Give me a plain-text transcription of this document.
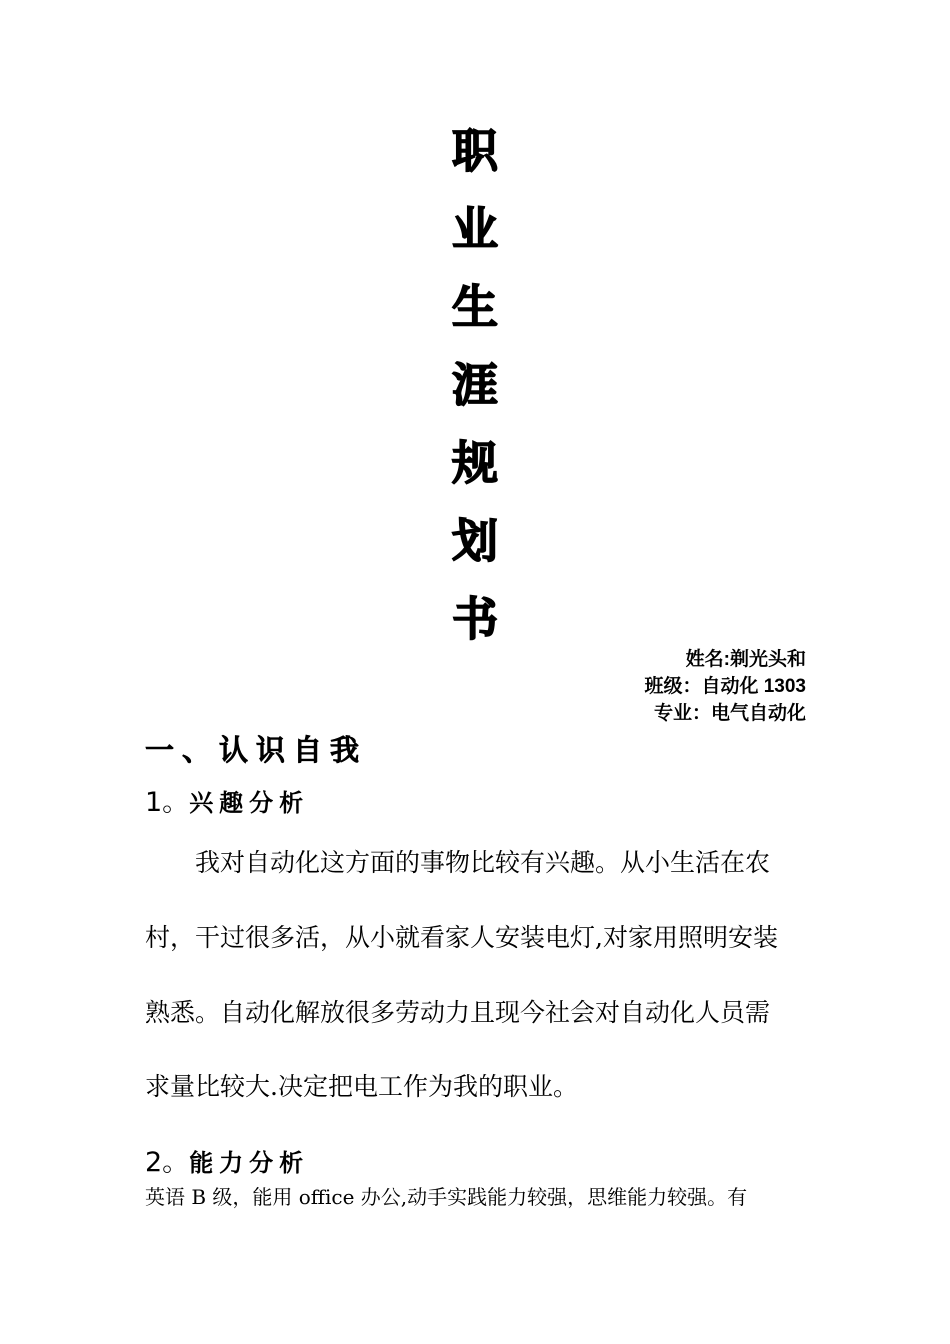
职
业
生
涯
规
划
书
姓名:剃光头和
班级：自动化 1303
专业：电气自动化
一、认识自我
1。兴趣分析
我对自动化这方面的事物比较有兴趣。从小生活在农
村，干过很多活，从小就看家人安装电灯,对家用照明安装
熟悉。自动化解放很多劳动力且现今社会对自动化人员需
求量比较大.决定把电工作为我的职业。
2。能力分析
英语 B 级，能用 office 办公,动手实践能力较强，思维能力较强。有
